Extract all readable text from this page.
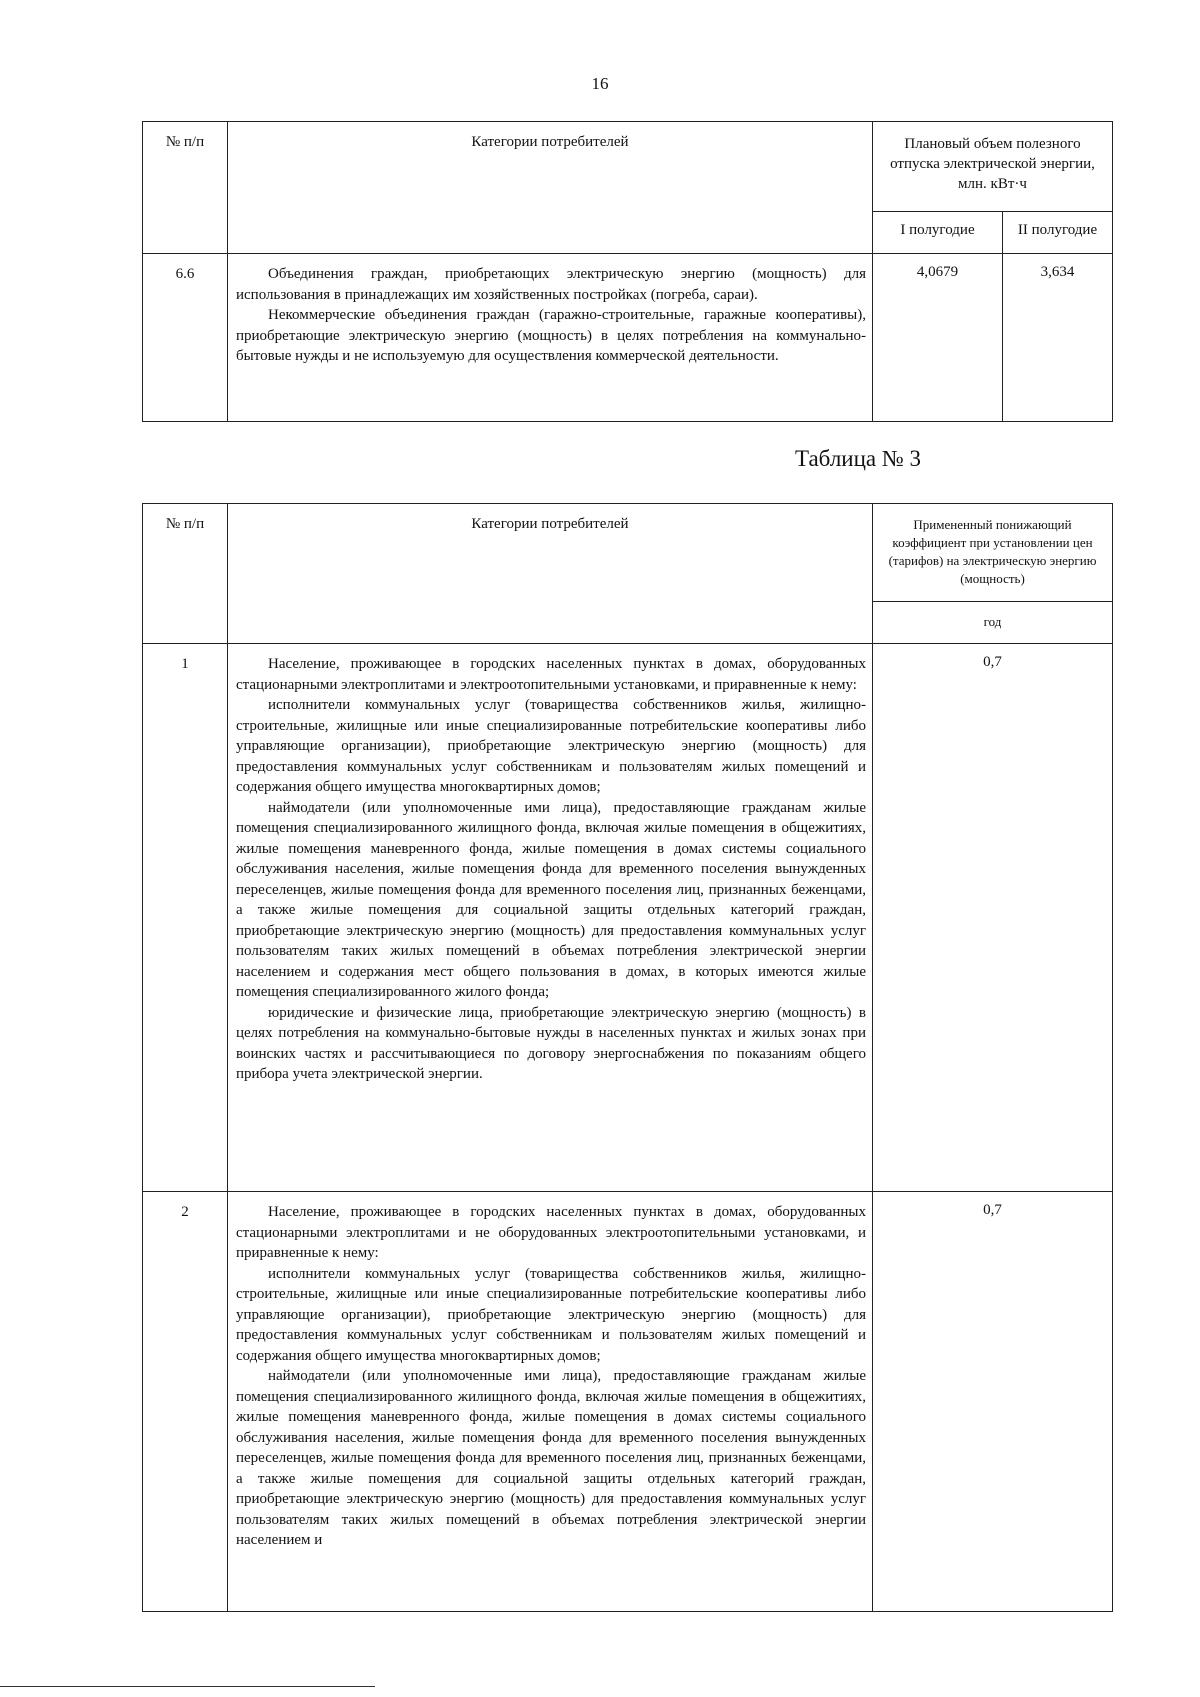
16
№ п/п	Категории потребителей	Плановый объем полезного отпуска электрической энергии, млн. кВт·ч	
		I полугодие	II полугодие
6.6	Объединения граждан, приобретающих электрическую энергию (мощность) для использования в принадлежащих им хозяйственных постройках (погреба, сараи).

Некоммерческие объединения граждан (гаражно-строительные, гаражные кооперативы), приобретающие электрическую энергию (мощность) в целях потребления на коммунально-бытовые нужды и не используемую для осуществления коммерческой деятельности.	4,0679	3,634
Таблица № 3
№ п/п	Категории потребителей	Примененный понижающий коэффициент при установлении цен (тарифов) на электрическую энергию (мощность)
		год
1	Население, проживающее в городских населенных пунктах в домах, оборудованных стационарными электроплитами и электроотопительными установками, и приравненные к нему:

исполнители коммунальных услуг (товарищества собственников жилья, жилищно-строительные, жилищные или иные специализированные потребительские кооперативы либо управляющие организации), приобретающие электрическую энергию (мощность) для предоставления коммунальных услуг собственникам и пользователям жилых помещений и содержания общего имущества многоквартирных домов;

наймодатели (или уполномоченные ими лица), предоставляющие гражданам жилые помещения специализированного жилищного фонда, включая жилые помещения в общежитиях, жилые помещения маневренного фонда, жилые помещения в домах системы социального обслуживания населения, жилые помещения фонда для временного поселения вынужденных переселенцев, жилые помещения фонда для временного поселения лиц, признанных беженцами, а также жилые помещения для социальной защиты отдельных категорий граждан, приобретающие электрическую энергию (мощность) для предоставления коммунальных услуг пользователям таких жилых помещений в объемах потребления электрической энергии населением и содержания мест общего пользования в домах, в которых имеются жилые помещения специализированного жилого фонда;

юридические и физические лица, приобретающие электрическую энергию (мощность) в целях потребления на коммунально-бытовые нужды в населенных пунктах и жилых зонах при воинских частях и рассчитывающиеся по договору энергоснабжения по показаниям общего прибора учета электрической энергии.	0,7
2	Население, проживающее в городских населенных пунктах в домах, оборудованных стационарными электроплитами и не оборудованных электроотопительными установками, и приравненные к нему:

исполнители коммунальных услуг (товарищества собственников жилья, жилищно-строительные, жилищные или иные специализированные потребительские кооперативы либо управляющие организации), приобретающие электрическую энергию (мощность) для предоставления коммунальных услуг собственникам и пользователям жилых помещений и содержания общего имущества многоквартирных домов;

наймодатели (или уполномоченные ими лица), предоставляющие гражданам жилые помещения специализированного жилищного фонда, включая жилые помещения в общежитиях, жилые помещения маневренного фонда, жилые помещения в домах системы социального обслуживания населения, жилые помещения фонда для временного поселения вынужденных переселенцев, жилые помещения фонда для временного поселения лиц, признанных беженцами, а также жилые помещения для социальной защиты отдельных категорий граждан, приобретающие электрическую энергию (мощность) для предоставления коммунальных услуг пользователям таких жилых помещений в объемах потребления электрической энергии населением и	0,7
